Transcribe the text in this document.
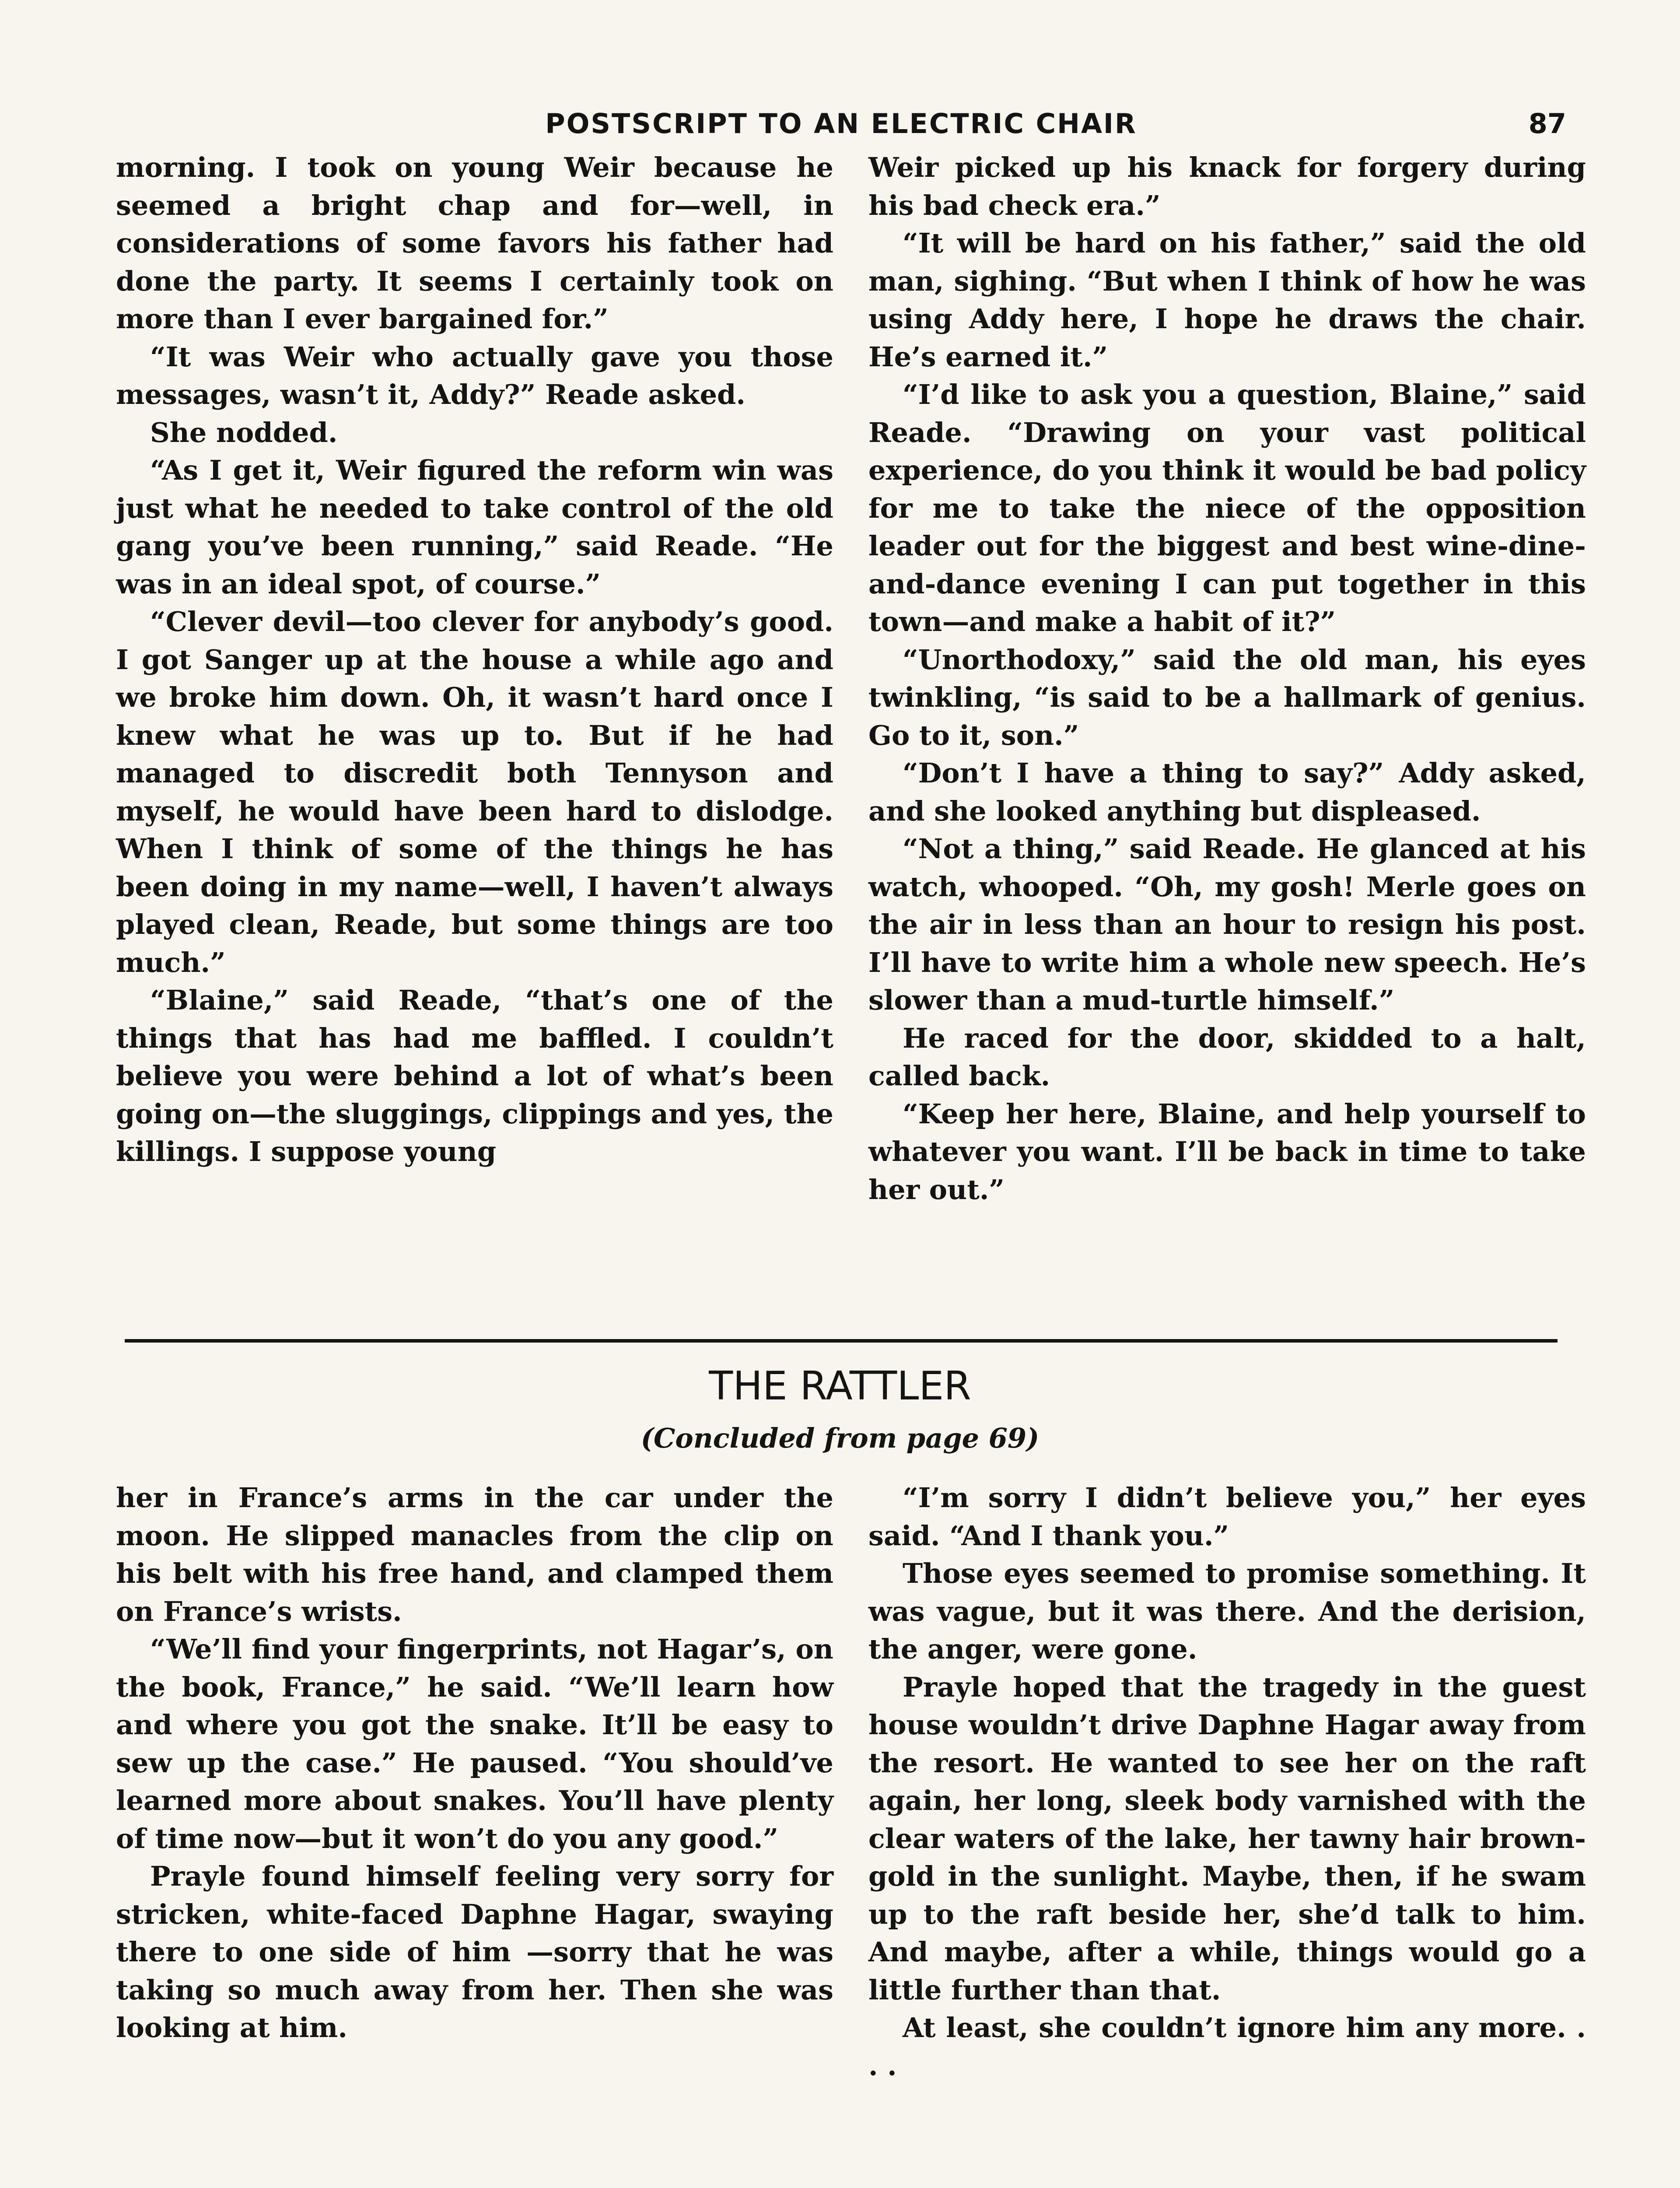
POSTSCRIPT TO AN ELECTRIC CHAIR	87

morning. I took on young Weir because he seemed a bright chap and for—well, in considerations of some favors his father had done the party. It seems I certainly took on more than I ever bargained for.”

“It was Weir who actually gave you those messages, wasn’t it, Addy?” Reade asked.

She nodded.

“As I get it, Weir figured the reform win was just what he needed to take control of the old gang you’ve been running,” said Reade. “He was in an ideal spot, of course.”

“Clever devil—too clever for anybody’s good. I got Sanger up at the house a while ago and we broke him down. Oh, it wasn’t hard once I knew what he was up to. But if he had managed to discredit both Tennyson and myself, he would have been hard to dislodge. When I think of some of the things he has been doing in my name—well, I haven’t always played clean, Reade, but some things are too much.”

“Blaine,” said Reade, “that’s one of the things that has had me baffled. I couldn’t believe you were behind a lot of what’s been going on—the sluggings, clippings and yes, the killings. I suppose young

Weir picked up his knack for forgery during his bad check era.”

“It will be hard on his father,” said the old man, sighing. “But when I think of how he was using Addy here, I hope he draws the chair. He’s earned it.”

“I’d like to ask you a question, Blaine,” said Reade. “Drawing on your vast political experience, do you think it would be bad policy for me to take the niece of the opposition leader out for the biggest and best wine-dine-and-dance evening I can put together in this town—and make a habit of it?”

“Unorthodoxy,” said the old man, his eyes twinkling, “is said to be a hallmark of genius. Go to it, son.”

“Don’t I have a thing to say?” Addy asked, and she looked anything but displeased.

“Not a thing,” said Reade. He glanced at his watch, whooped. “Oh, my gosh! Merle goes on the air in less than an hour to resign his post. I’ll have to write him a whole new speech. He’s slower than a mud-turtle himself.”

He raced for the door, skidded to a halt, called back.

“Keep her here, Blaine, and help yourself to whatever you want. I’ll be back in time to take her out.”

THE RATTLER
(Concluded from page 69)

her in France’s arms in the car under the moon. He slipped manacles from the clip on his belt with his free hand, and clamped them on France’s wrists.

“We’ll find your fingerprints, not Hagar’s, on the book, France,” he said. “We’ll learn how and where you got the snake. It’ll be easy to sew up the case.” He paused. “You should’ve learned more about snakes. You’ll have plenty of time now—but it won’t do you any good.”

Prayle found himself feeling very sorry for stricken, white-faced Daphne Hagar, swaying there to one side of him —sorry that he was taking so much away from her. Then she was looking at him.

“I’m sorry I didn’t believe you,” her eyes said. “And I thank you.”

Those eyes seemed to promise something. It was vague, but it was there. And the derision, the anger, were gone.

Prayle hoped that the tragedy in the guest house wouldn’t drive Daphne Hagar away from the resort. He wanted to see her on the raft again, her long, sleek body varnished with the clear waters of the lake, her tawny hair brown-gold in the sunlight. Maybe, then, if he swam up to the raft beside her, she’d talk to him. And maybe, after a while, things would go a little further than that.

At least, she couldn’t ignore him any more. . . .
